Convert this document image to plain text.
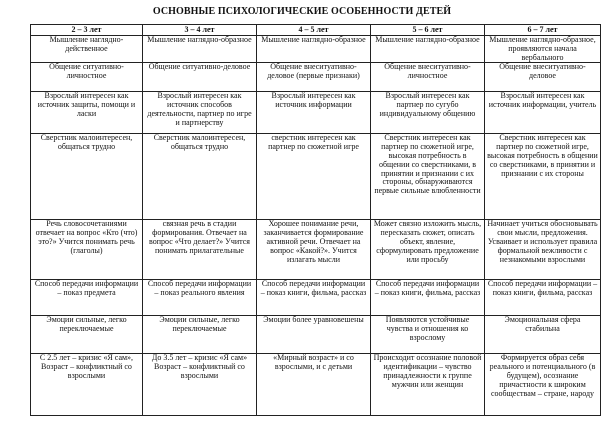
ОСНОВНЫЕ ПСИХОЛОГИЧЕСКИЕ ОСОБЕННОСТИ ДЕТЕЙ
2 – 3 лет	3 – 4 лет	4 – 5 лет	5 – 6 лет	6 – 7 лет
Мышление наглядно-действенное	Мышление наглядно-образное	Мышление наглядно-образное	Мышление наглядно-образное	Мышление наглядно-образное, проявляются начала вербального
Общение ситуативно-личностное	Общение ситуативно-деловое	Общение внеситуативно-деловое (первые признаки)	Общение внеситуативно-личностное	Общение внеситуативно-деловое
Взрослый интересен как источник защиты, помощи и ласки	Взрослый интересен как источник способов деятельности, партнер по игре и партнерству	Взрослый интересен как источник информации	Взрослый интересен как партнер по сугубо индивидуальному общению	Взрослый интересен как источник информации, учитель
Сверстник малоинтересен, общаться трудно	Сверстник малоинтересен, общаться трудно	сверстник интересен как партнер по сюжетной игре	Сверстник интересен как партнер по сюжетной игре, высокая потребность в общении со сверстниками, в принятии и признании с их стороны, обнаруживаются первые сильные влюбленности	Сверстник интересен как партнер по сюжетной игре, высокая потребность в общении со сверстниками, в принятии и признании с их стороны
Речь словосочетаниями отвечает на вопрос «Кто (что) это?» Учится понимать речь (глаголы)	связная речь в стадии формирования. Отвечает на вопрос «Что делает?» Учится понимать прилагательные	Хорошее понимание речи, заканчивается формирование активной речи. Отвечает на вопрос «Какой?». Учится излагать мысли	Может связно изложить мысль, пересказать сюжет, описать объект, явление, сформулировать предложение или просьбу	Начинает учиться обосновывать свои мысли, предложения. Усваивает и использует правила формальной вежливости с незнакомыми взрослыми
Способ передачи информации – показ предмета	Способ передачи информации – показ реального явления	Способ передачи информации – показ книги, фильма, рассказ	Способ передачи информации – показ книги, фильма, рассказ	Способ передачи информации – показ книги, фильма, рассказ
Эмоции сильные, легко переключаемые	Эмоции сильные, легко переключаемые	Эмоции более уравновешены	Появляются устойчивые чувства и отношения ко взрослому	Эмоциональная сфера стабильна
С 2.5 лет – кризис «Я сам», Возраст – конфликтный со взрослыми	До 3.5 лет – кризис «Я сам» Возраст – конфликтный со взрослыми	«Мирный возраст» и со взрослыми, и с детьми	Происходит осознание половой идентификации – чувство принадлежности к группе мужчин или женщин	Формируется образ себя реального и потенциального (в будущем), осознание причастности к широким сообществам – стране, народу
